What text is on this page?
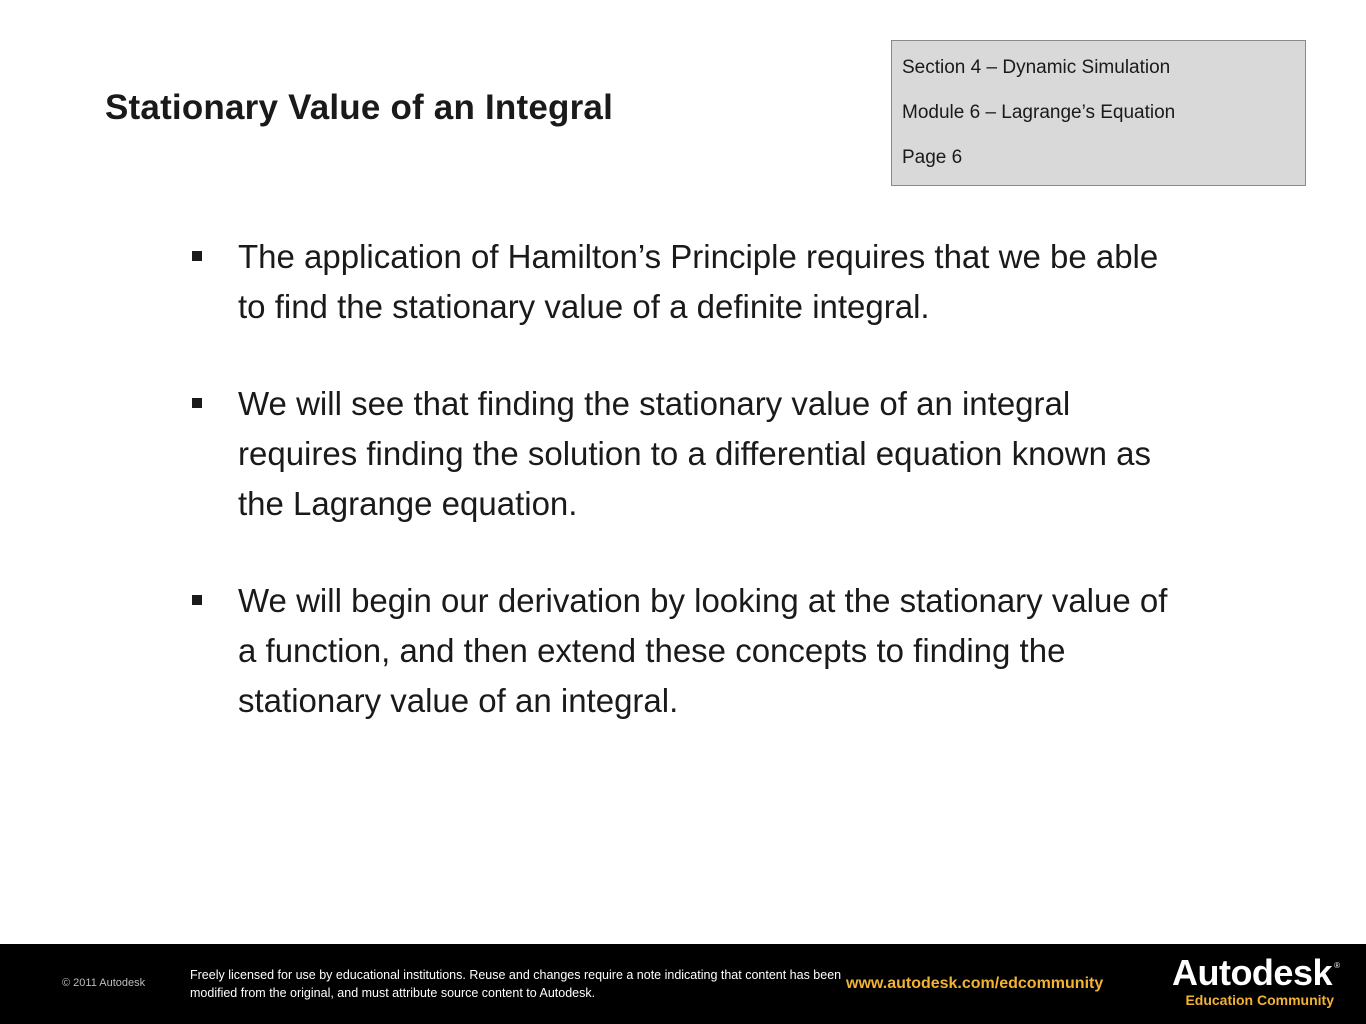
Stationary Value of an Integral
Section 4 – Dynamic Simulation
Module 6 – Lagrange’s Equation
Page 6
The application of Hamilton’s Principle requires that we be able to find the stationary value of a definite integral.
We will see that finding the stationary value of an integral requires finding the solution to a differential equation known as the Lagrange equation.
We will begin our derivation by looking at the stationary value of a function, and then extend these concepts to finding the stationary value of an integral.
© 2011 Autodesk
Freely licensed for use by educational institutions. Reuse and changes require a note indicating that content has been modified from the original, and must attribute source content to Autodesk.
www.autodesk.com/edcommunity Autodesk ®
Education Community
